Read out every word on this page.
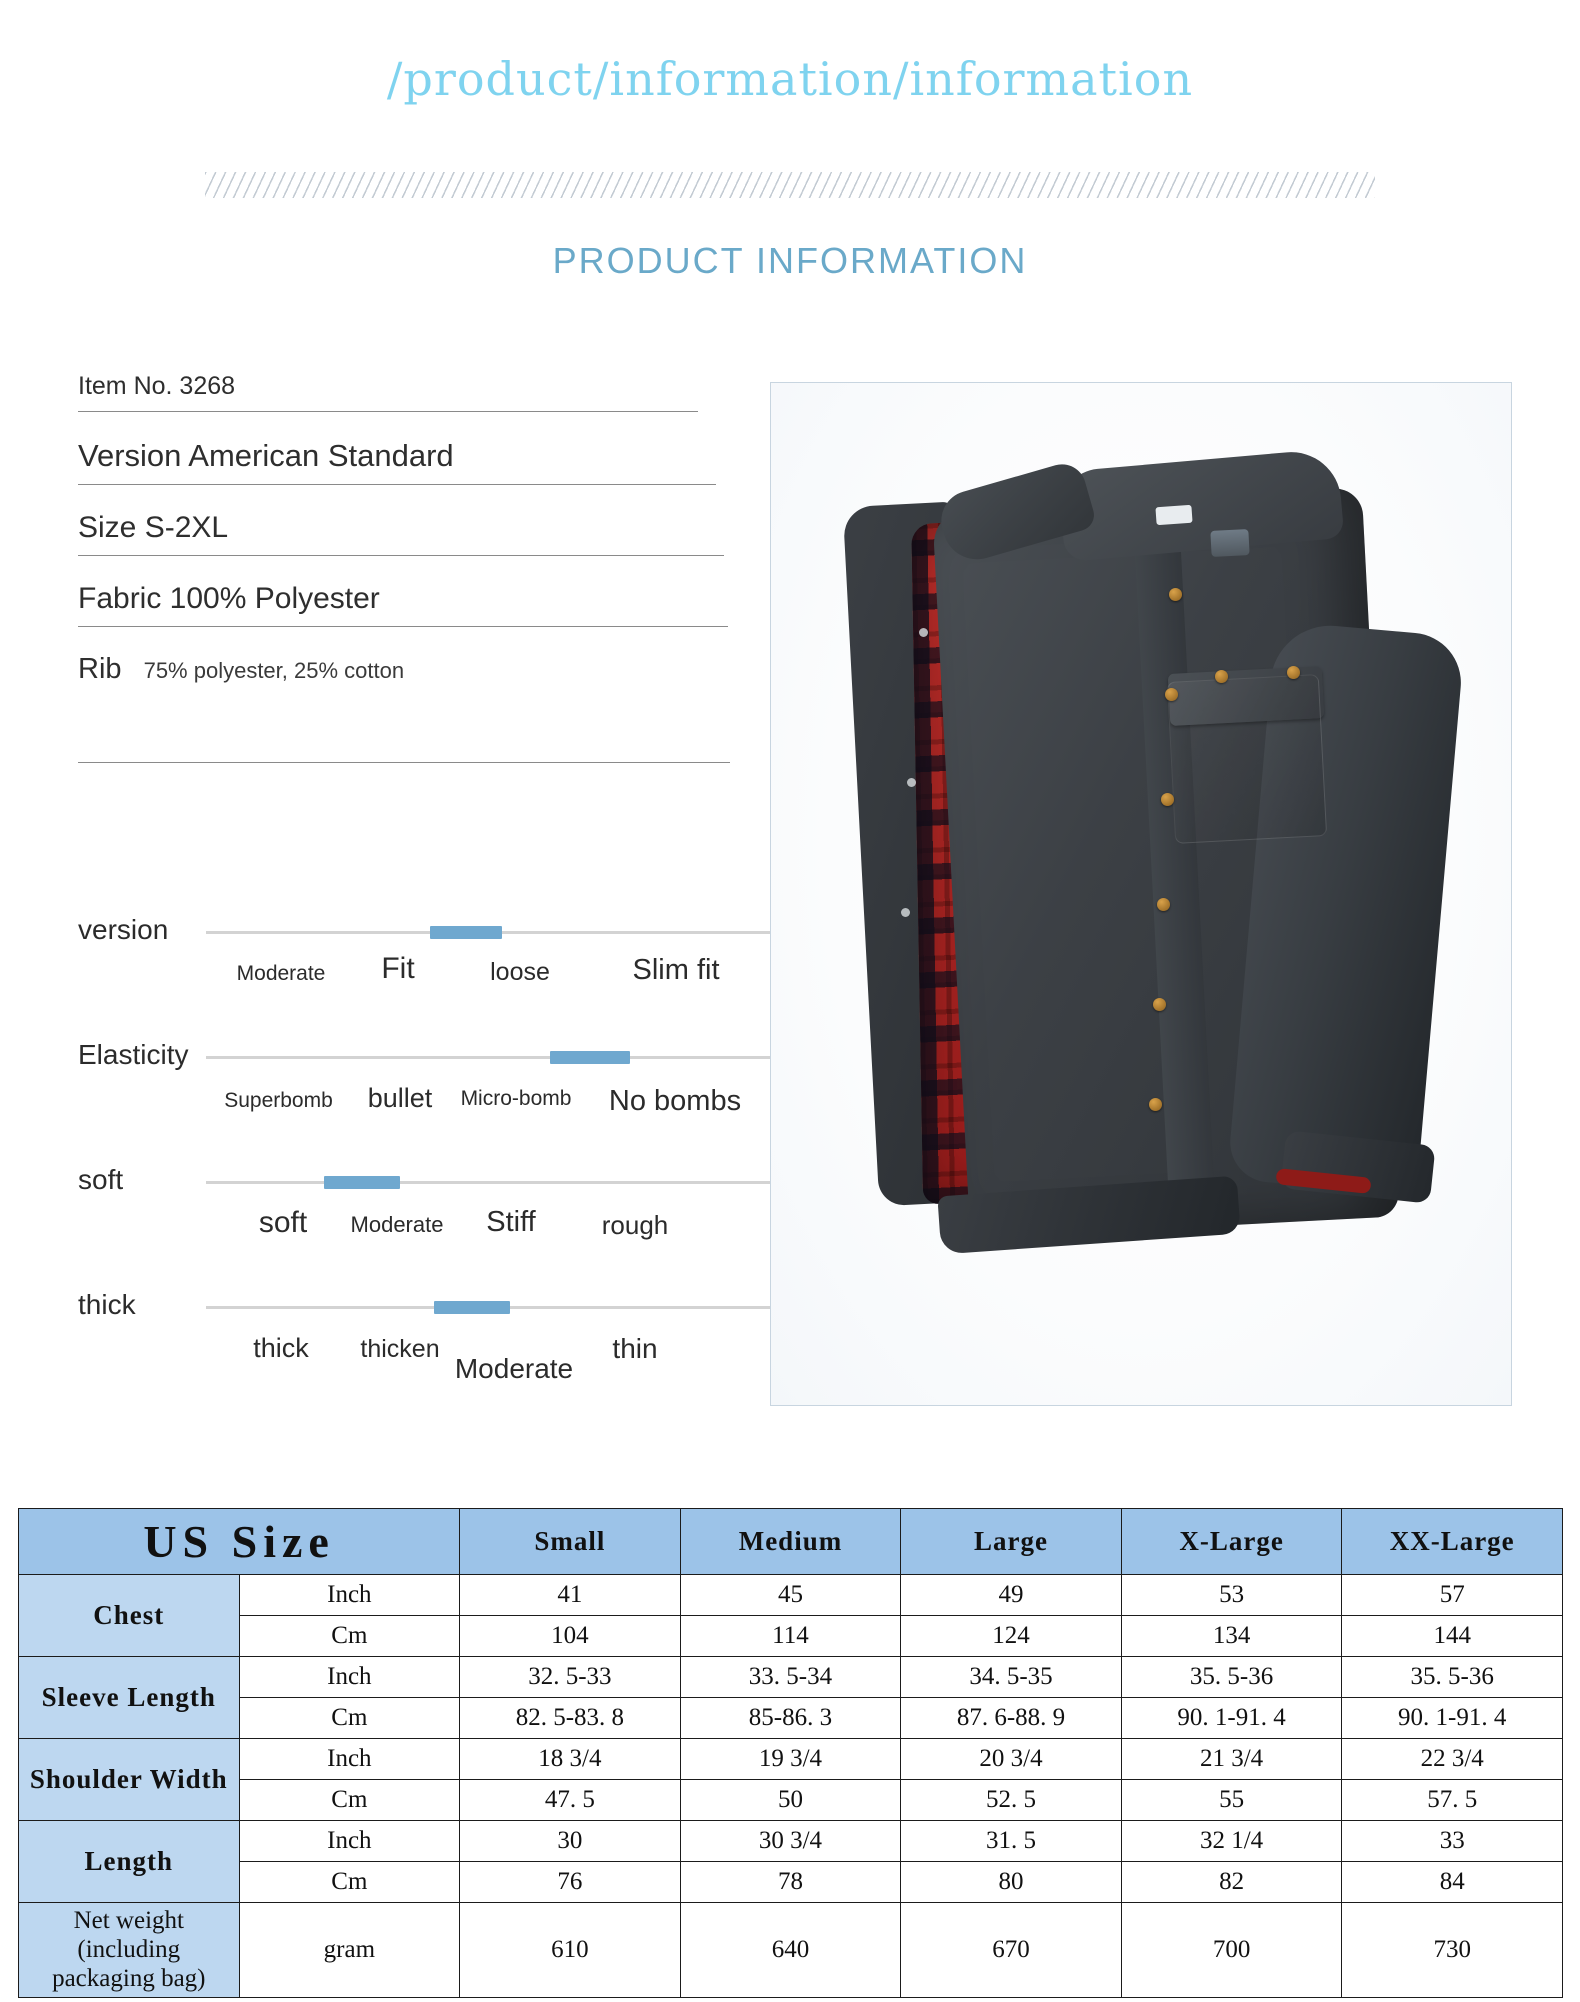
/product/information/information
PRODUCT INFORMATION
Item No. 3268
Version American Standard
Size S-2XL
Fabric 100% Polyester
Rib 75% polyester, 25% cotton
version
Moderate	Fit	loose	Slim fit
Elasticity
Superbomb	bullet	Micro-bomb	No bombs
soft
soft	Moderate	Stiff	rough
thick
thick	thicken
Moderate
thin
US Size		Small	Medium	Large	X-Large	XX-Large
Chest	Inch	41	45	49	53	57
	Cm	104	114	124	134	144
Sleeve Length	Inch	32. 5-33	33. 5-34	34. 5-35	35. 5-36	35. 5-36
	Cm	82. 5-83. 8	85-86. 3	87. 6-88. 9	90. 1-91. 4	90. 1-91. 4
Shoulder Width	Inch	18 3/4	19 3/4	20 3/4	21 3/4	22 3/4
	Cm	47. 5	50	52. 5	55	57. 5
Length	Inch	30	30 3/4	31. 5	32 1/4	33
	Cm	76	78	80	82	84
Net weight (including packaging bag)	gram	610	640	670	700	730
